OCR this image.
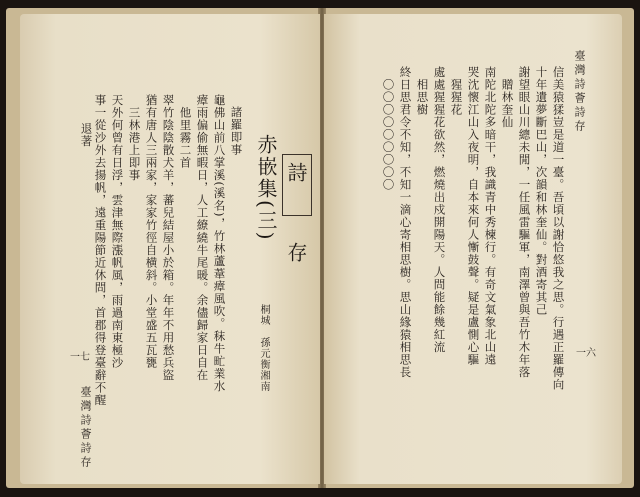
臺灣詩薈詩存
一七
詩
存
赤嵌集(三)
桐城　孫元衡湘南
諸羅即事
龜佛山前八掌溪(溪名)，竹林蘆葦瘴風吹。秣牛甿業水
瘴雨偏偷無暇日，人工繚繞牛尾暖。余儘歸家日自在
　他里霧二首
翠竹陰陰散犬羊，蕃兒結屋小於箱。年年不用愁兵盜
猶有唐人三兩家，家家竹徑自横斜。小堂盛五瓦甕
　三林港上即事
天外何曾有日浮，雲津無際漲帆風，雨過南東極沙
事一從沙外去揚帆，遠重陽節近休問，首郡得登臺辭不醒
　退著	臺灣詩薈詩存
一六
信美猿猱豈是道一臺。吾頃以謝恰悠我之思。行遇正羅傳向
十年遺夢斷巴山，次韻和林奎仙。對酒寄其己
謝望眼山川總未閒，一任風雷驅軍，南澤曾與吾竹木年落
　贈林奎仙
南陀北陀多暗干，我識青中秀楝行。有奇文氣象北山遠
哭沈懷江山入夜明，自本來何人慚鼓聲。疑是盧惻心驅
　猩猩花
處處猩猩花欲然，燃燒出戍開陽天。人問能餘幾紅流
　相思樹
終日思君令不知，不知一滴心寄相思樹。思山緣猿相思長
　〇〇〇〇〇〇〇〇〇
